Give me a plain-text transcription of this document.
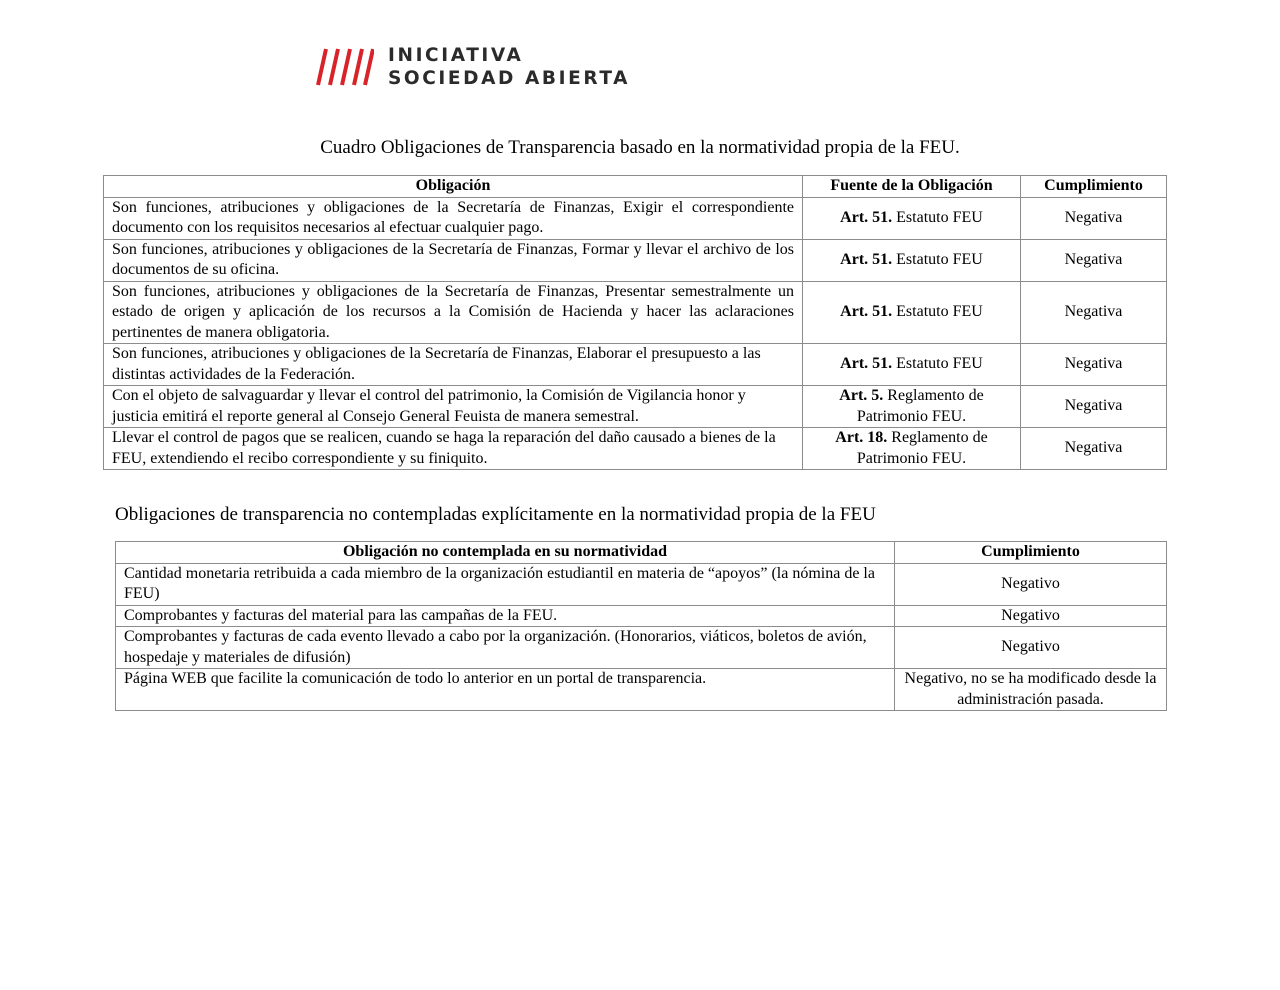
INICIATIVA
SOCIEDAD ABIERTA
Cuadro Obligaciones de Transparencia basado en la normatividad propia de la FEU.
Obligación	Fuente de la Obligación	Cumplimiento
Son funciones, atribuciones y obligaciones de la Secretaría de Finanzas, Exigir el correspondiente documento con los requisitos necesarios al efectuar cualquier pago.	Art. 51. Estatuto FEU	Negativa
Son funciones, atribuciones y obligaciones de la Secretaría de Finanzas, Formar y llevar el archivo de los documentos de su oficina.	Art. 51. Estatuto FEU	Negativa
Son funciones, atribuciones y obligaciones de la Secretaría de Finanzas, Presentar semestralmente un estado de origen y aplicación de los recursos a la Comisión de Hacienda y hacer las aclaraciones pertinentes de manera obligatoria.	Art. 51. Estatuto FEU	Negativa
Son funciones, atribuciones y obligaciones de la Secretaría de Finanzas, Elaborar el presupuesto a las distintas actividades de la Federación.	Art. 51. Estatuto FEU	Negativa
Con el objeto de salvaguardar y llevar el control del patrimonio, la Comisión de Vigilancia honor y justicia emitirá el reporte general al Consejo General Feuista de manera semestral.	Art. 5. Reglamento de Patrimonio FEU.	Negativa
Llevar el control de pagos que se realicen, cuando se haga la reparación del daño causado a bienes de la FEU, extendiendo el recibo correspondiente y su finiquito.	Art. 18. Reglamento de Patrimonio FEU.	Negativa
Obligaciones de transparencia no contempladas explícitamente en la normatividad propia de la FEU
Obligación no contemplada en su normatividad	Cumplimiento
Cantidad monetaria retribuida a cada miembro de la organización estudiantil en materia de “apoyos” (la nómina de la FEU)	Negativo
Comprobantes y facturas del material para las campañas de la FEU.	Negativo
Comprobantes y facturas de cada evento llevado a cabo por la organización. (Honorarios, viáticos, boletos de avión, hospedaje y materiales de difusión)	Negativo
Página WEB que facilite la comunicación de todo lo anterior en un portal de transparencia.	Negativo, no se ha modificado desde la administración pasada.
